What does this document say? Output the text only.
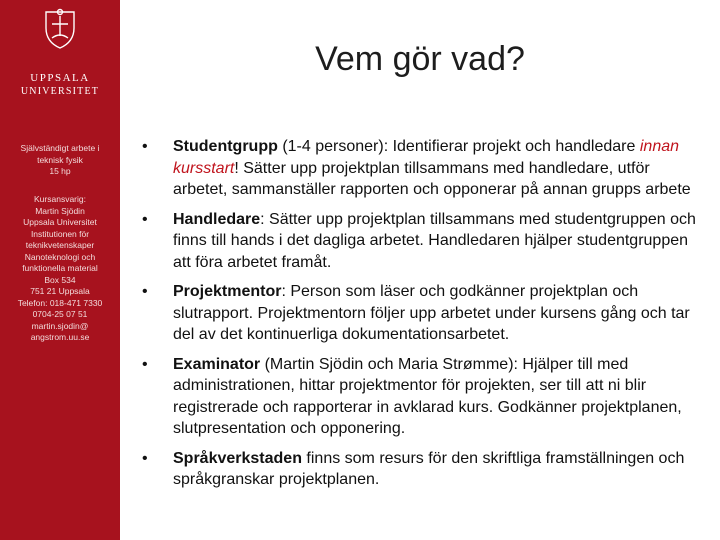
UPPSALA
UNIVERSITET
Självständigt arbete i
teknisk fysik
15 hp
Kursansvarig:
Martin Sjödin
Uppsala Universitet
Institutionen för
teknikvetenskaper
Nanoteknologi och
funktionella material
Box 534
751 21 Uppsala
Telefon: 018-471 7330
0704-25 07 51
martin.sjodin@
angstrom.uu.se
Vem gör vad?
•	Studentgrupp (1-4 personer): Identifierar projekt och handledare innan kursstart! Sätter upp projektplan tillsammans med handledare, utför arbetet, sammanställer rapporten och opponerar på annan grupps arbete
•	Handledare: Sätter upp projektplan tillsammans med studentgruppen och finns till hands i det dagliga arbetet. Handledaren hjälper studentgruppen att föra arbetet framåt.
•	Projektmentor: Person som läser och godkänner projektplan och slutrapport. Projektmentorn följer upp arbetet under kursens gång och tar del av det kontinuerliga dokumentationsarbetet.
•	Examinator (Martin Sjödin och Maria Strømme): Hjälper till med administrationen, hittar projektmentor för projekten, ser till att ni blir registrerade och rapporterar in avklarad kurs. Godkänner projektplanen, slutpresentation och opponering.
•	Språkverkstaden finns som resurs för den skriftliga framställningen och språkgranskar projektplanen.
